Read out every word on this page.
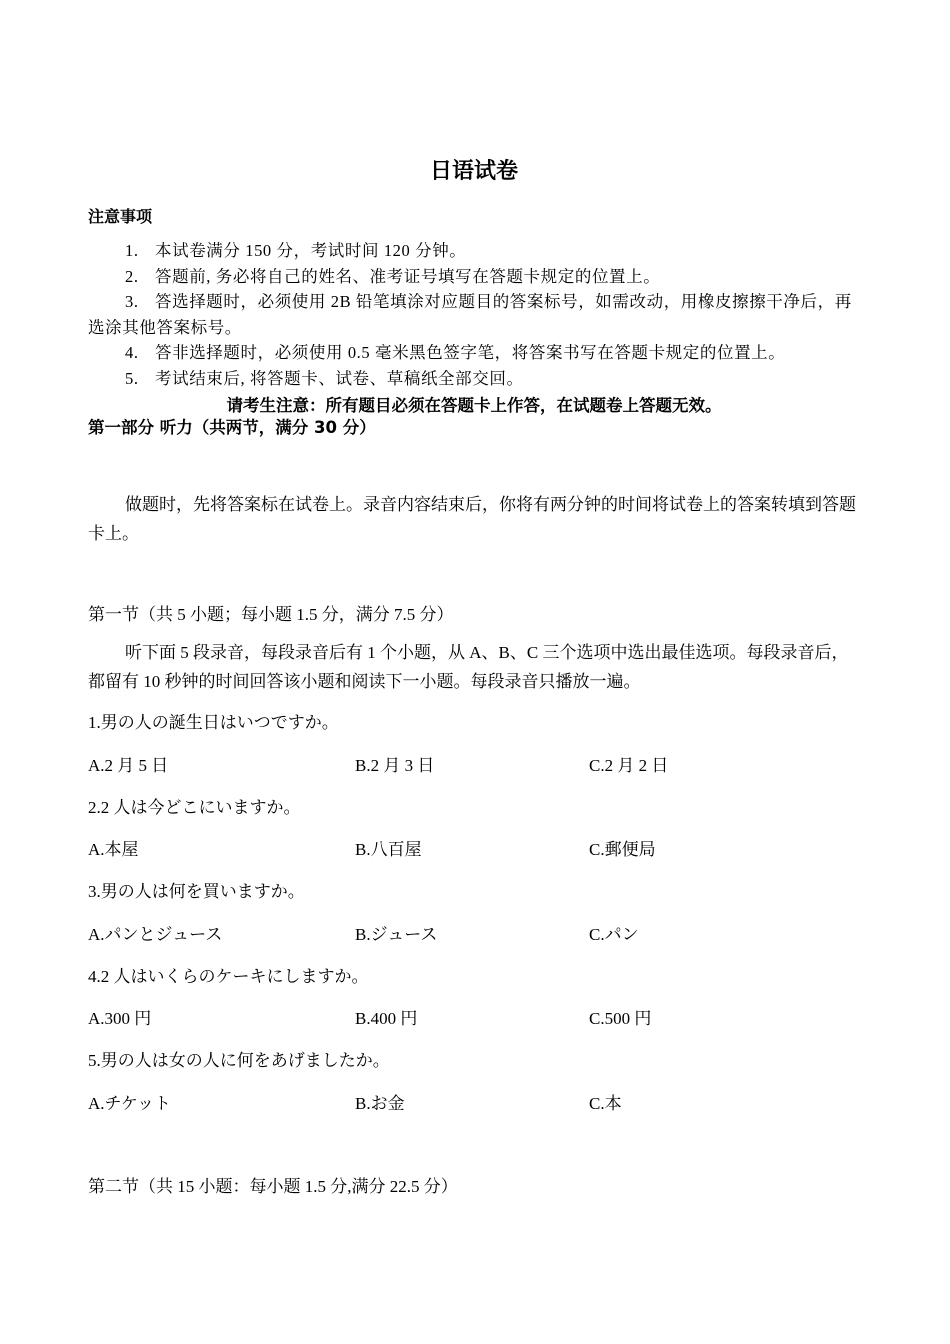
日语试卷
注意事项
1. 本试卷满分 150 分，考试时间 120 分钟。
2. 答题前, 务必将自己的姓名、准考证号填写在答题卡规定的位置上。
3. 答选择题时，必须使用 2B 铅笔填涂对应题目的答案标号，如需改动，用橡皮擦擦干净后，再选涂其他答案标号。
4. 答非选择题时，必须使用 0.5 毫米黑色签字笔，将答案书写在答题卡规定的位置上。
5. 考试结束后, 将答题卡、试卷、草稿纸全部交回。
请考生注意：所有题目必须在答题卡上作答，在试题卷上答题无效。
第一部分 听力（共两节，满分 30 分）
做题时，先将答案标在试卷上。录音内容结束后，你将有两分钟的时间将试卷上的答案转填到答题卡上。
第一节（共 5 小题；每小题 1.5 分，满分 7.5 分）
听下面 5 段录音，每段录音后有 1 个小题，从 A、B、C 三个选项中选出最佳选项。每段录音后，都留有 10 秒钟的时间回答该小题和阅读下一小题。每段录音只播放一遍。
1.男の人の誕生日はいつですか。
A.2 月 5 日	B.2 月 3 日	C.2 月 2 日
2.2 人は今どこにいますか。
A.本屋	B.八百屋	C.郵便局
3.男の人は何を買いますか。
A.パンとジュース	B.ジュース	C.パン
4.2 人はいくらのケーキにしますか。
A.300 円	B.400 円	C.500 円
5.男の人は女の人に何をあげましたか。
A.チケット	B.お金	C.本
第二节（共 15 小题：每小题 1.5 分,满分 22.5 分）
